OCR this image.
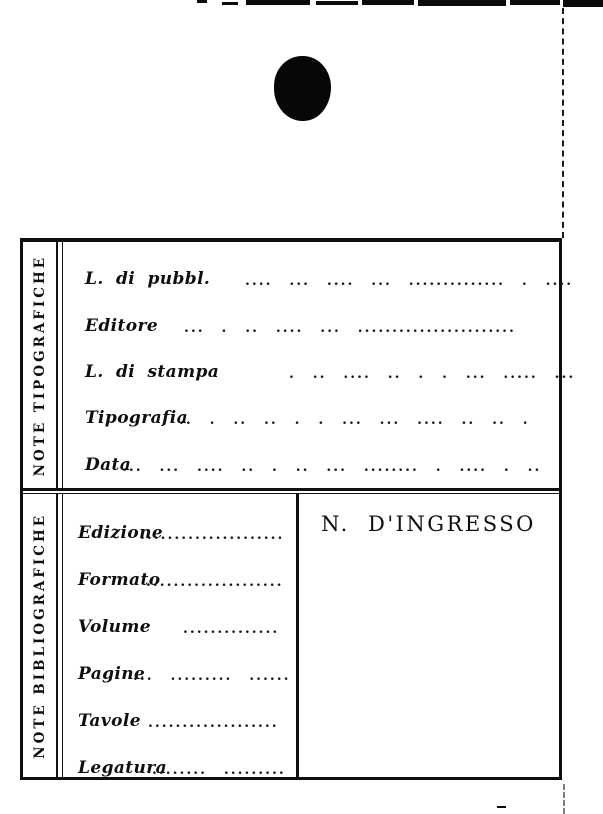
NOTE TIPOGRAFICHE L. di pubbl. .... ... .... ... .............. . ....
Editore ... . .. .... ... .......................
L. di stampa	. .. .... .. . . ... ..... ...
Tipografia
.. . .. .. . . ... ... .... .. .. .
Data
... ... .... .. . .. ... ........ . .... . ..
NOTE BIBLIOGRAFICHE Edizione
.....................
Formato
....................
Volume ..............
Pagine
... ......... ......
Tavole ...................
Legatura
........ .........
N. D'INGRESSO
